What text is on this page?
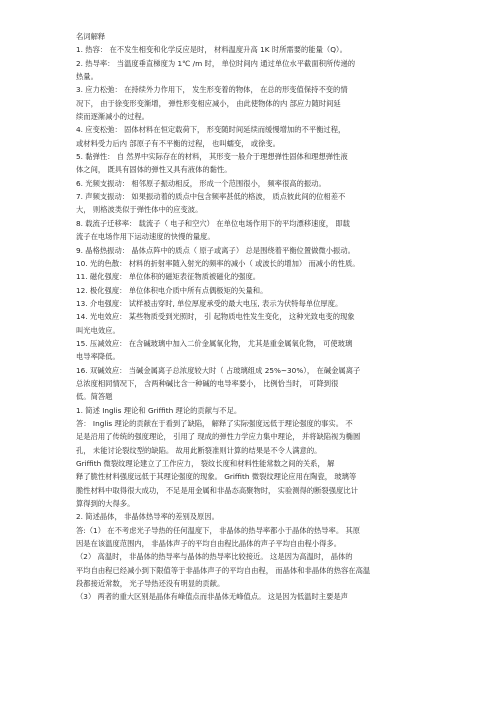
名词解释
1. 热容： 在不发生相变和化学反应是时， 材料温度升高 1K 时所需要的能量（Q）。
2. 热导率： 当温度垂直梯度为 1℃ /m 时， 单位时间内 通过单位水平截面积所传递的
热量。
3. 应力松弛： 在持续外力作用下， 发生形变着的物体， 在总的形变值保持不变的情
况下， 由于徐变形变渐增， 弹性形变相应减小， 由此使物体的内 部应力随时间延
续而逐渐减小的过程。
4. 应变松弛： 固体材料在恒定载荷下， 形变随时间延续而缓慢增加的不平衡过程，
或材料受力后内 部原子有不平衡的过程， 也叫蠕变， 或徐变。
5. 黏弹性： 自 然界中实际存在的材料， 其形变一般介于理想弹性固体和理想弹性液
体之间， 既具有固体的弹性又具有液体的黏性。
6. 光频支振动： 相邻原子振动相反， 形成一个范围很小， 频率很高的振动。
7. 声频支振动： 如果振动着的质点中包含频率甚低的格波， 质点彼此间的位相差不
大， 则格波类似于弹性体中的应变波。
8. 载流子迁移率： 载流子（ 电子和空穴） 在单位电场作用下的平均漂移速度， 即载
流子在电场作用下运动速度的快慢的量度。
9. 晶格热振动： 晶体点阵中的质点（ 原子或离子） 总是围绕着平衡位置做微小振动。
10. 光的色散： 材料的折射率随入射光的频率的减小（ 或波长的增加） 而减小的性质。
11. 磁化强度： 单位体积的磁矩表征物质被磁化的强度。
12. 极化强度： 单位体积电介质中所有点偶极矩的矢量和。
13. 介电强度： 试样被击穿时, 单位厚度承受的最大电压, 表示为伏特每单位厚度。
14. 光电效应： 某些物质受到光照时， 引 起物质电性发生变化， 这种光致电变的现象
叫光电效应。
15. 压减效应： 在含碱玻璃中加入二价金属氧化物， 尤其是重金属氧化物， 可使玻璃
电导率降低。
16. 双碱效应： 当碱金属离子总浓度较大时（ 占玻璃组成 25%~30%）， 在碱金属离子
总浓度相同情况下， 含两种碱比含一种碱的电导率要小， 比例恰当时， 可降到很
低。简答题
1. 简述 Inglis 理论和 Griffith 理论的贡献与不足。
答： Inglis 理论的贡献在于看到了缺陷， 解释了实际强度远低于理论强度的事实。 不
足是沿用了传统的强度理论， 引用了 现成的弹性力学应力集中理论， 并将缺陷视为椭圆
孔， 未能讨论裂纹型的缺陷。 故用此断裂准则计算的结果是不令人满意的。
Griffith 微裂纹理论建立了工作应力， 裂纹长度和材料性能常数之间的关系， 解
释了脆性材料强度远低于其理论强度的现象。 Griffith 微裂纹理论应用在陶瓷， 玻璃等
脆性材料中取得很大成功， 不足是用金属和非晶态高聚物时， 实验测得的断裂强度比计
算得到的大得多。
2. 简述晶体， 非晶体热导率的差别及原因。
答:（1） 在不考虑光子导热的任何温度下， 非晶体的热导率都小于晶体的热导率。 其原
因是在该温度范围内， 非晶体声子的平均自由程比晶体的声子平均自由程小得多。
（2） 高温时， 非晶体的热导率与晶体的热导率比较接近。 这是因为高温时， 晶体的
平均自由程已经减小到下限值等于非晶体声子的平均自由程， 而晶体和非晶体的热容在高温
段都接近常数， 光子导热还没有明显的贡献。
（3） 两者的重大区别是晶体有峰值点而非晶体无峰值点。 这是因为低温时主要是声
